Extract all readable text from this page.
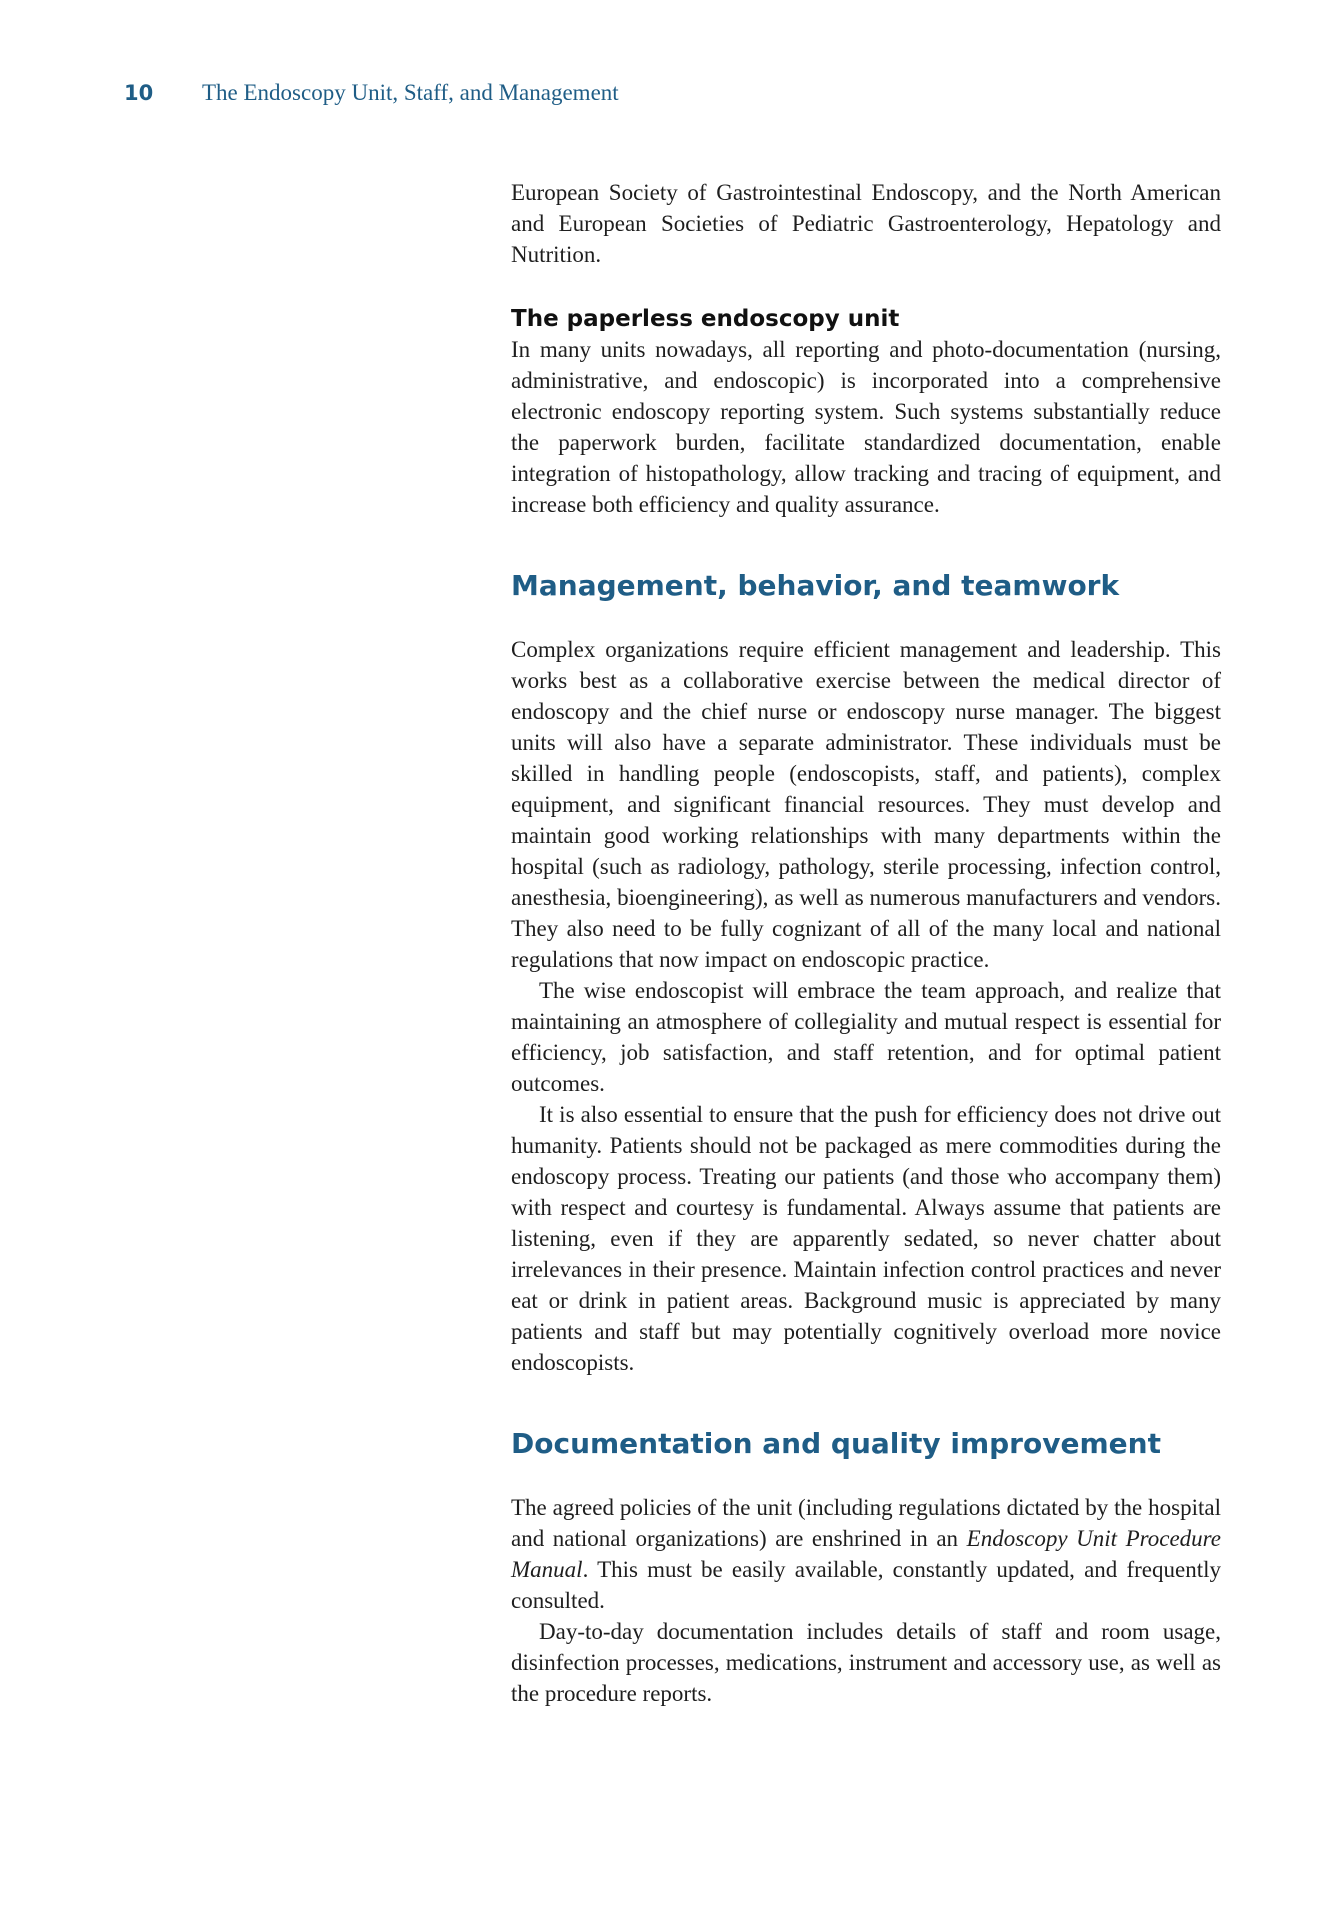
10 The Endoscopy Unit, Staff, and Management

European Society of Gastrointestinal Endoscopy, and the North American and European Societies of Pediatric Gastroenterology, Hepatology and Nutrition.

The paperless endoscopy unit

In many units nowadays, all reporting and photo-documentation (nursing, administrative, and endoscopic) is incorporated into a comprehensive electronic endoscopy reporting system. Such systems substantially reduce the paperwork burden, facilitate standardized documentation, enable integration of histopathology, allow tracking and tracing of equipment, and increase both efficiency and quality assurance.

Management, behavior, and teamwork

Complex organizations require efficient management and leadership. This works best as a collaborative exercise between the medical director of endoscopy and the chief nurse or endoscopy nurse manager. The biggest units will also have a separate administrator. These individuals must be skilled in handling people (endoscopists, staff, and patients), complex equipment, and significant financial resources. They must develop and maintain good working relationships with many departments within the hospital (such as radiology, pathology, sterile processing, infection control, anesthesia, bioengineering), as well as numerous manufacturers and vendors. They also need to be fully cognizant of all of the many local and national regulations that now impact on endoscopic practice.

The wise endoscopist will embrace the team approach, and realize that maintaining an atmosphere of collegiality and mutual respect is essential for efficiency, job satisfaction, and staff retention, and for optimal patient outcomes.

It is also essential to ensure that the push for efficiency does not drive out humanity. Patients should not be packaged as mere commodities during the endoscopy process. Treating our patients (and those who accompany them) with respect and courtesy is fundamental. Always assume that patients are listening, even if they are apparently sedated, so never chatter about irrelevances in their presence. Maintain infection control practices and never eat or drink in patient areas. Background music is appreciated by many patients and staff but may potentially cognitively overload more novice endoscopists.

Documentation and quality improvement

The agreed policies of the unit (including regulations dictated by the hospital and national organizations) are enshrined in an Endoscopy Unit Procedure Manual. This must be easily available, constantly updated, and frequently consulted.

Day-to-day documentation includes details of staff and room usage, disinfection processes, medications, instrument and accessory use, as well as the procedure reports.
